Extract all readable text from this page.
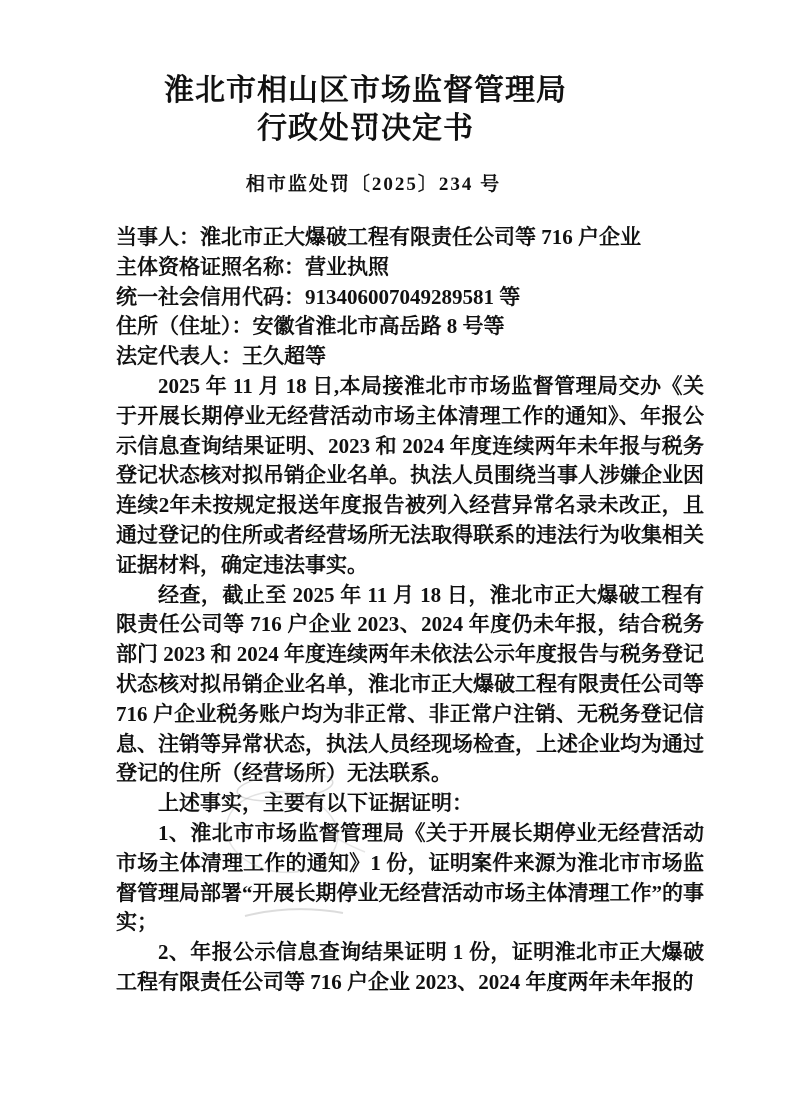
淮北市相山区市场监督管理局
行政处罚决定书
相市监处罚〔2025〕234 号

当事人：淮北市正大爆破工程有限责任公司等 716 户企业

主体资格证照名称：营业执照

统一社会信用代码：913406007049289581 等

住所（住址）：安徽省淮北市高岳路 8 号等

法定代表人：王久超等

2025 年 11 月 18 日,本局接淮北市市场监督管理局交办《关于开展长期停业无经营活动市场主体清理工作的通知》、年报公示信息查询结果证明、2023 和 2024 年度连续两年未年报与税务登记状态核对拟吊销企业名单。执法人员围绕当事人涉嫌企业因连续2年未按规定报送年度报告被列入经营异常名录未改正，且通过登记的住所或者经营场所无法取得联系的违法行为收集相关证据材料，确定违法事实。

经查，截止至 2025 年 11 月 18 日，淮北市正大爆破工程有限责任公司等 716 户企业 2023、2024 年度仍未年报，结合税务部门 2023 和 2024 年度连续两年未依法公示年度报告与税务登记状态核对拟吊销企业名单，淮北市正大爆破工程有限责任公司等 716 户企业税务账户均为非正常、非正常户注销、无税务登记信息、注销等异常状态，执法人员经现场检查，上述企业均为通过登记的住所（经营场所）无法联系。

上述事实，主要有以下证据证明：

1、淮北市市场监督管理局《关于开展长期停业无经营活动市场主体清理工作的通知》1 份，证明案件来源为淮北市市场监督管理局部署“开展长期停业无经营活动市场主体清理工作”的事实；

2、年报公示信息查询结果证明 1 份，证明淮北市正大爆破工程有限责任公司等 716 户企业 2023、2024 年度两年未年报的
